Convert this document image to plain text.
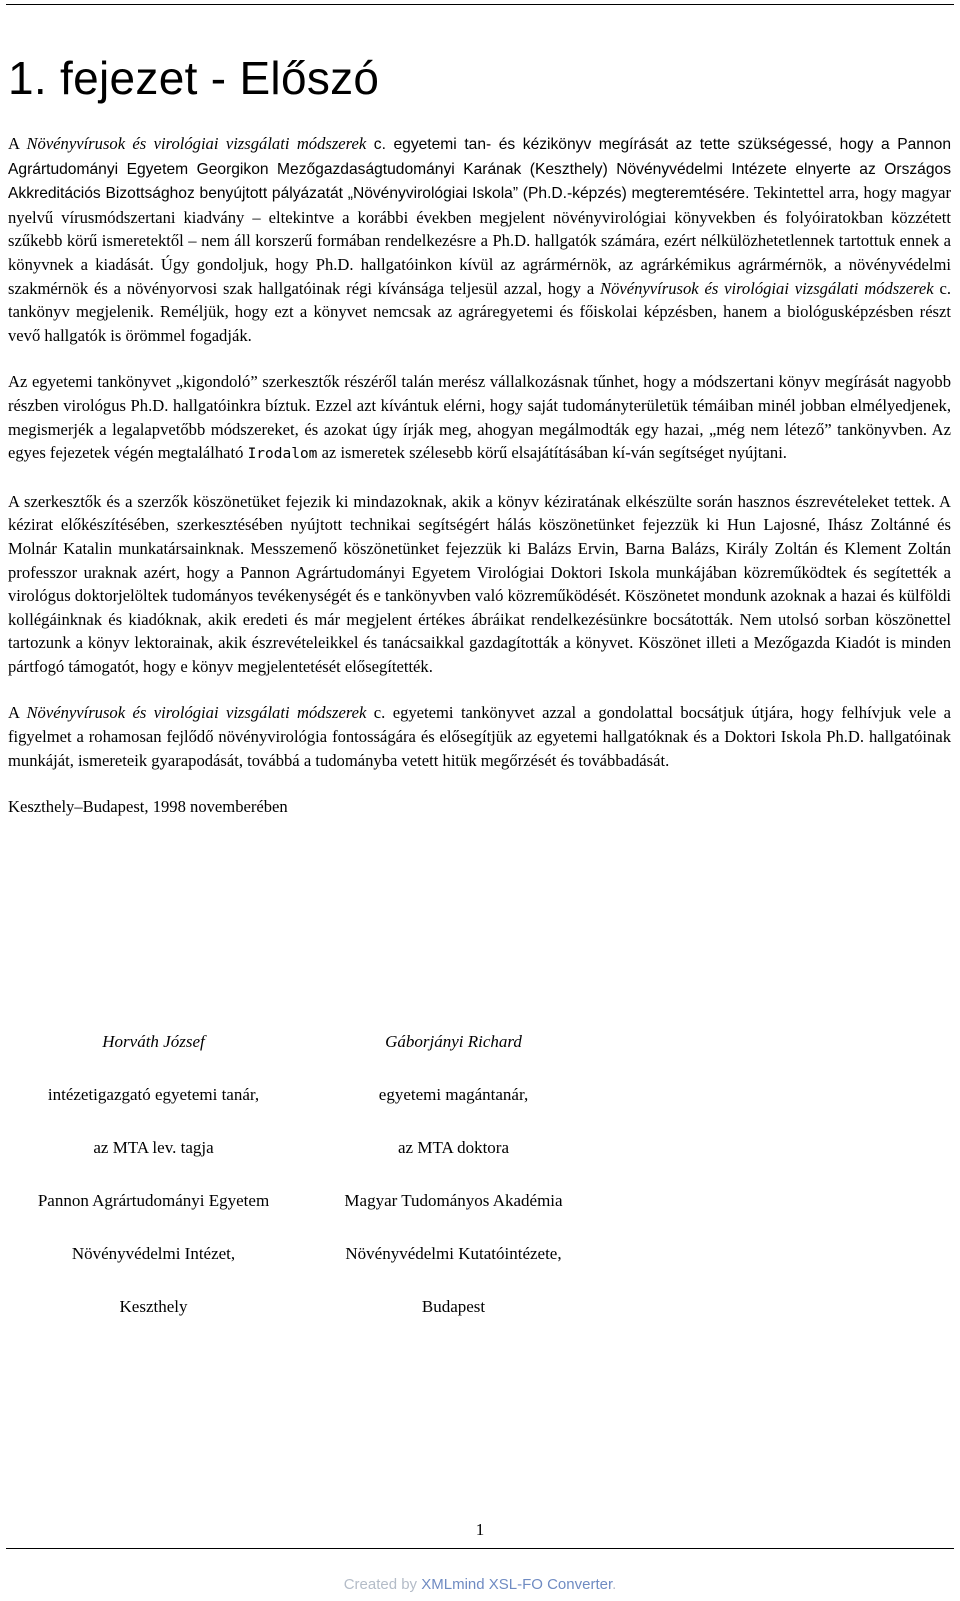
1. fejezet - Előszó

A Növényvírusok és virológiai vizsgálati módszerek c. egyetemi tan- és kézikönyv megírását az tette szükségessé, hogy a Pannon Agrártudományi Egyetem Georgikon Mezőgazdaságtudományi Karának (Keszthely) Növényvédelmi Intézete elnyerte az Országos Akkreditációs Bizottsághoz benyújtott pályázatát „Növényvirológiai Iskola” (Ph.D.-képzés) megteremtésére. Tekintettel arra, hogy magyar nyelvű vírusmódszertani kiadvány – eltekintve a korábbi években megjelent növényvirológiai könyvekben és folyóiratokban közzétett szűkebb körű ismeretektől – nem áll korszerű formában rendelkezésre a Ph.D. hallgatók számára, ezért nélkülözhetetlennek tartottuk ennek a könyvnek a kiadását. Úgy gondoljuk, hogy Ph.D. hallgatóinkon kívül az agrármérnök, az agrárkémikus agrármérnök, a növényvédelmi szakmérnök és a növényorvosi szak hallgatóinak régi kívánsága teljesül azzal, hogy a Növényvírusok és virológiai vizsgálati módszerek c. tankönyv megjelenik. Reméljük, hogy ezt a könyvet nemcsak az agráregyetemi és főiskolai képzésben, hanem a biológusképzésben részt vevő hallgatók is örömmel fogadják.

Az egyetemi tankönyvet „kigondoló” szerkesztők részéről talán merész vállalkozásnak tűnhet, hogy a módszertani könyv megírását nagyobb részben virológus Ph.D. hallgatóinkra bíztuk. Ezzel azt kívántuk elérni, hogy saját tudományterületük témáiban minél jobban elmélyedjenek, megismerjék a legalapvetőbb módszereket, és azokat úgy írják meg, ahogyan megálmodták egy hazai, „még nem létező” tankönyvben. Az egyes fejezetek végén megtalálható Irodalom az ismeretek szélesebb körű elsajátításában kí-ván segítséget nyújtani.

A szerkesztők és a szerzők köszönetüket fejezik ki mindazoknak, akik a könyv kéziratának elkészülte során hasznos észrevételeket tettek. A kézirat előkészítésében, szerkesztésében nyújtott technikai segítségért hálás köszönetünket fejezzük ki Hun Lajosné, Ihász Zoltánné és Molnár Katalin munkatársainknak. Messzemenő köszönetünket fejezzük ki Balázs Ervin, Barna Balázs, Király Zoltán és Klement Zoltán professzor uraknak azért, hogy a Pannon Agrártudományi Egyetem Virológiai Doktori Iskola munkájában közreműködtek és segítették a virológus doktorjelöltek tudományos tevékenységét és e tankönyvben való közreműködését. Köszönetet mondunk azoknak a hazai és külföldi kollégáinknak és kiadóknak, akik eredeti és már megjelent értékes ábráikat rendelkezésünkre bocsátották. Nem utolsó sorban köszönettel tartozunk a könyv lektorainak, akik észrevételeikkel és tanácsaikkal gazdagították a könyvet. Köszönet illeti a Mezőgazda Kiadót is minden pártfogó támogatót, hogy e könyv megjelentetését elősegítették.

A Növényvírusok és virológiai vizsgálati módszerek c. egyetemi tankönyvet azzal a gondolattal bocsátjuk útjára, hogy felhívjuk vele a figyelmet a rohamosan fejlődő növényvirológia fontosságára és elősegítjük az egyetemi hallgatóknak és a Doktori Iskola Ph.D. hallgatóinak munkáját, ismereteik gyarapodását, továbbá a tudományba vetett hitük megőrzését és továbbadását.

Keszthely–Budapest, 1998 novemberében

Horváth József	Gáborjányi Richard
intézetigazgató egyetemi tanár,	egyetemi magántanár,
az MTA lev. tagja	az MTA doktora
Pannon Agrártudományi Egyetem	Magyar Tudományos Akadémia
Növényvédelmi Intézet,	Növényvédelmi Kutatóintézete,
Keszthely	Budapest
1
Created by XMLmind XSL-FO Converter.
